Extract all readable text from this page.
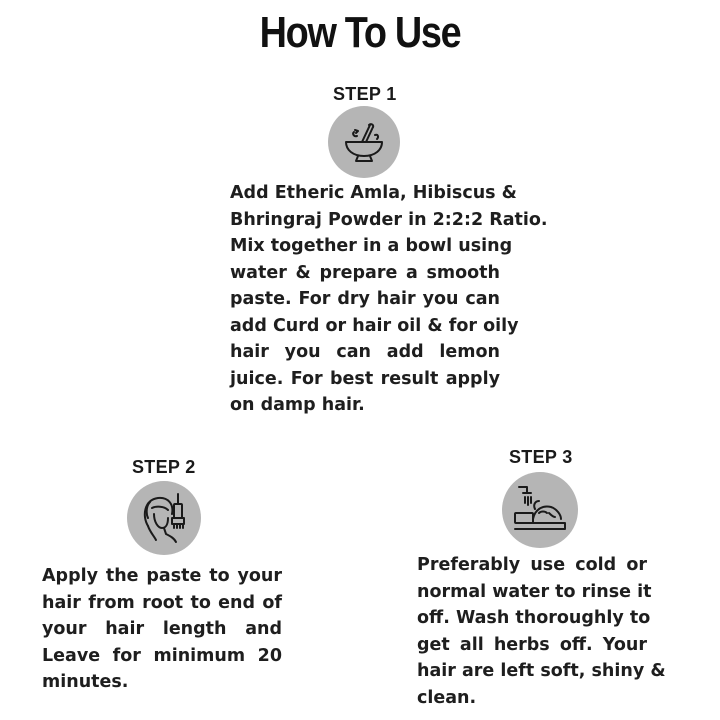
How To Use
STEP 1
Add Etheric Amla, Hibiscus &
Bhringraj Powder in 2:2:2 Ratio.
Mix together in a bowl using
water & prepare a smooth
paste. For dry hair you can
add Curd or hair oil & for oily
hair you can add lemon
juice. For best result apply
on damp hair.
STEP 2
Apply the paste to your
hair from root to end of
your hair length and
Leave for minimum 20
minutes.
STEP 3
Preferably use cold or
normal water to rinse it
off. Wash thoroughly to
get all herbs off. Your
hair are left soft, shiny &
clean.
